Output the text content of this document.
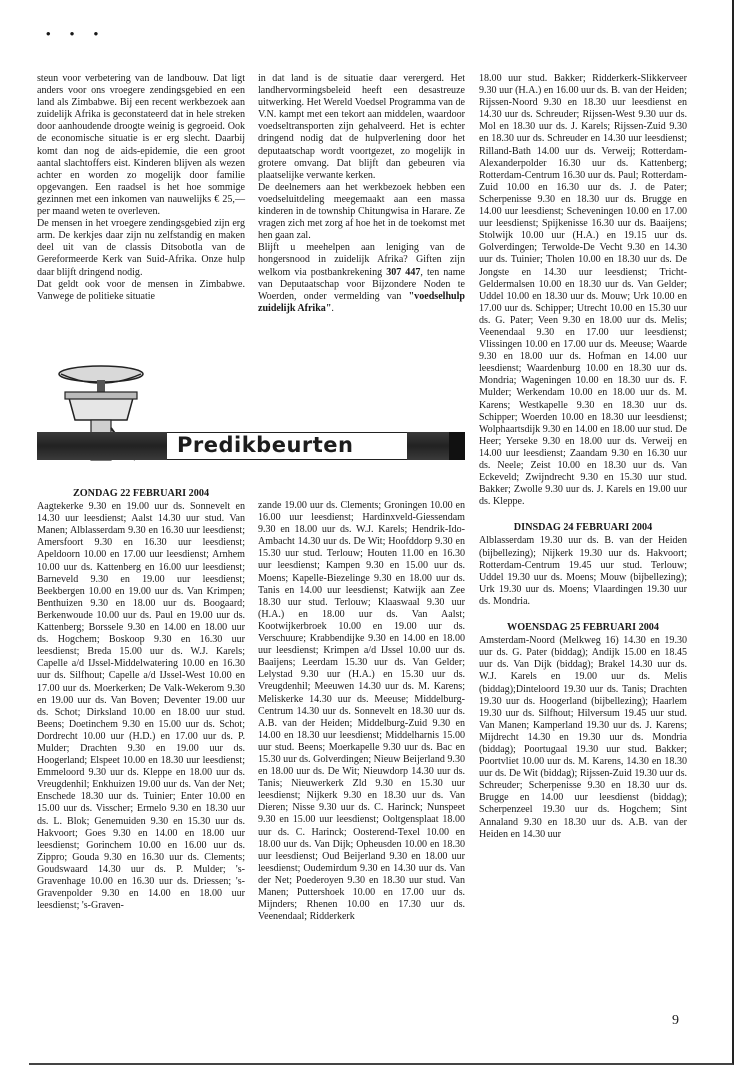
• • •

steun voor verbetering van de landbouw. Dat ligt anders voor ons vroegere zendingsgebied en een land als Zimbabwe. Bij een recent werkbezoek aan zuidelijk Afrika is geconstateerd dat in hele streken door aanhoudende droogte weinig is gegroeid. Ook de economische situatie is er erg slecht. Daarbij komt dan nog de aids-epidemie, die een groot aantal slachtoffers eist. Kinderen blijven als wezen achter en worden zo mogelijk door familie opgevangen. Een raadsel is het hoe sommige gezinnen met een inkomen van nauwelijks € 25,— per maand weten te overleven.

De mensen in het vroegere zendingsgebied zijn erg arm. De kerkjes daar zijn nu zelfstandig en maken deel uit van de classis Ditsobotla van de Gereformeerde Kerk van Suid-Afrika. Onze hulp daar blijft dringend nodig.

Dat geldt ook voor de mensen in Zimbabwe. Vanwege de politieke situatie

in dat land is de situatie daar verergerd. Het landhervormingsbeleid heeft een desastreuze uitwerking. Het Wereld Voedsel Programma van de V.N. kampt met een tekort aan middelen, waardoor voedseltransporten zijn gehalveerd. Het is echter dringend nodig dat de hulpverlening door het deputaatschap wordt voortgezet, zo mogelijk in grotere omvang. Dat blijft dan gebeuren via plaatselijke verwante kerken.

De deelnemers aan het werkbezoek hebben een voedseluitdeling meegemaakt aan een massa kinderen in de township Chitungwisa in Harare. Ze vragen zich met zorg af hoe het in de toekomst met hen gaan zal.

Blijft u meehelpen aan leniging van de hongersnood in zuidelijk Afrika? Giften zijn welkom via postbankrekening 307 447, ten name van Deputaatschap voor Bijzondere Noden te Woerden, onder vermelding van "voedselhulp zuidelijk Afrika".

Predikbeurten
ZONDAG 22 FEBRUARI 2004

Aagtekerke 9.30 en 19.00 uur ds. Sonnevelt en 14.30 uur leesdienst; Aalst 14.30 uur stud. Van Manen; Alblasserdam 9.30 en 16.30 uur leesdienst; Amersfoort 9.30 en 16.30 uur leesdienst; Apeldoorn 10.00 en 17.00 uur leesdienst; Arnhem 10.00 uur ds. Kattenberg en 16.00 uur leesdienst; Barneveld 9.30 en 19.00 uur leesdienst; Beekbergen 10.00 en 19.00 uur ds. Van Krimpen; Benthuizen 9.30 en 18.00 uur ds. Boogaard; Berkenwoude 10.00 uur ds. Paul en 19.00 uur ds. Kattenberg; Borssele 9.30 en 14.00 en 18.00 uur ds. Hogchem; Boskoop 9.30 en 16.30 uur leesdienst; Breda 15.00 uur ds. W.J. Karels; Capelle a/d IJssel-Middelwatering 10.00 en 16.30 uur ds. Silfhout; Capelle a/d IJssel-West 10.00 en 17.00 uur ds. Moerkerken; De Valk-Wekerom 9.30 en 19.00 uur ds. Van Boven; Deventer 19.00 uur ds. Schot; Dirksland 10.00 en 18.00 uur stud. Beens; Doetinchem 9.30 en 15.00 uur ds. Schot; Dordrecht 10.00 uur (H.D.) en 17.00 uur ds. P. Mulder; Drachten 9.30 en 19.00 uur ds. Hoogerland; Elspeet 10.00 en 18.30 uur leesdienst; Emmeloord 9.30 uur ds. Kleppe en 18.00 uur ds. Vreugdenhil; Enkhuizen 19.00 uur ds. Van der Net; Enschede 18.30 uur ds. Tuinier; Enter 10.00 en 15.00 uur ds. Visscher; Ermelo 9.30 en 18.30 uur ds. L. Blok; Genemuiden 9.30 en 15.30 uur ds. Hakvoort; Goes 9.30 en 14.00 en 18.00 uur leesdienst; Gorinchem 10.00 en 16.00 uur ds. Zippro; Gouda 9.30 en 16.30 uur ds. Clements; Goudswaard 14.30 uur ds. P. Mulder; 's-Gravenhage 10.00 en 16.30 uur ds. Driessen; 's-Gravenpolder 9.30 en 14.00 en 18.00 uur leesdienst; 's-Graven-

zande 19.00 uur ds. Clements; Groningen 10.00 en 16.00 uur leesdienst; Hardinxveld-Giessendam 9.30 en 18.00 uur ds. W.J. Karels; Hendrik-Ido-Ambacht 14.30 uur ds. De Wit; Hoofddorp 9.30 en 15.30 uur stud. Terlouw; Houten 11.00 en 16.30 uur leesdienst; Kampen 9.30 en 15.00 uur ds. Moens; Kapelle-Biezelinge 9.30 en 18.00 uur ds. Tanis en 14.00 uur leesdienst; Katwijk aan Zee 18.30 uur stud. Terlouw; Klaaswaal 9.30 uur (H.A.) en 18.00 uur ds. Van Aalst; Kootwijkerbroek 10.00 en 19.00 uur ds. Verschuure; Krabbendijke 9.30 en 14.00 en 18.00 uur leesdienst; Krimpen a/d IJssel 10.00 uur ds. Baaijens; Leerdam 15.30 uur ds. Van Gelder; Lelystad 9.30 uur (H.A.) en 15.30 uur ds. Vreugdenhil; Meeuwen 14.30 uur ds. M. Karens; Meliskerke 14.30 uur ds. Meeuse; Middelburg-Centrum 14.30 uur ds. Sonnevelt en 18.30 uur ds. A.B. van der Heiden; Middelburg-Zuid 9.30 en 14.00 en 18.30 uur leesdienst; Middelharnis 15.00 uur stud. Beens; Moerkapelle 9.30 uur ds. Bac en 15.30 uur ds. Golverdingen; Nieuw Beijerland 9.30 en 18.00 uur ds. De Wit; Nieuwdorp 14.30 uur ds. Tanis; Nieuwerkerk Zld 9.30 en 15.30 uur leesdienst; Nijkerk 9.30 en 18.30 uur ds. Van Dieren; Nisse 9.30 uur ds. C. Harinck; Nunspeet 9.30 en 15.00 uur leesdienst; Ooltgensplaat 18.00 uur ds. C. Harinck; Oosterend-Texel 10.00 en 18.00 uur ds. Van Dijk; Opheusden 10.00 en 18.30 uur leesdienst; Oud Beijerland 9.30 en 18.00 uur leesdienst; Oudemirdum 9.30 en 14.30 uur ds. Van der Net; Poederoyen 9.30 en 18.30 uur stud. Van Manen; Puttershoek 10.00 en 17.00 uur ds. Mijnders; Rhenen 10.00 en 17.30 uur ds. Veenendaal; Ridderkerk

18.00 uur stud. Bakker; Ridderkerk-Slikkerveer 9.30 uur (H.A.) en 16.00 uur ds. B. van der Heiden; Rijssen-Noord 9.30 en 18.30 uur leesdienst en 14.30 uur ds. Schreuder; Rijssen-West 9.30 uur ds. Mol en 18.30 uur ds. J. Karels; Rijssen-Zuid 9.30 en 18.30 uur ds. Schreuder en 14.30 uur leesdienst; Rilland-Bath 14.00 uur ds. Verweij; Rotterdam-Alexanderpolder 16.30 uur ds. Kattenberg; Rotterdam-Centrum 16.30 uur ds. Paul; Rotterdam-Zuid 10.00 en 16.30 uur ds. J. de Pater; Scherpenisse 9.30 en 18.30 uur ds. Brugge en 14.00 uur leesdienst; Scheveningen 10.00 en 17.00 uur leesdienst; Spijkenisse 16.30 uur ds. Baaijens; Stolwijk 10.00 uur (H.A.) en 19.15 uur ds. Golverdingen; Terwolde-De Vecht 9.30 en 14.30 uur ds. Tuinier; Tholen 10.00 en 18.30 uur ds. De Jongste en 14.30 uur leesdienst; Tricht-Geldermalsen 10.00 en 18.30 uur ds. Van Gelder; Uddel 10.00 en 18.30 uur ds. Mouw; Urk 10.00 en 17.00 uur ds. Schipper; Utrecht 10.00 en 15.30 uur ds. G. Pater; Veen 9.30 en 18.00 uur ds. Melis; Veenendaal 9.30 en 17.00 uur leesdienst; Vlissingen 10.00 en 17.00 uur ds. Meeuse; Waarde 9.30 en 18.00 uur ds. Hofman en 14.00 uur leesdienst; Waardenburg 10.00 en 18.30 uur ds. Mondria; Wageningen 10.00 en 18.30 uur ds. F. Mulder; Werkendam 10.00 en 18.00 uur ds. M. Karens; Westkapelle 9.30 en 18.30 uur ds. Schipper; Woerden 10.00 en 18.30 uur leesdienst; Wolphaartsdijk 9.30 en 14.00 en 18.00 uur stud. De Heer; Yerseke 9.30 en 18.00 uur ds. Verweij en 14.00 uur leesdienst; Zaandam 9.30 en 16.30 uur ds. Neele; Zeist 10.00 en 18.30 uur ds. Van Eckeveld; Zwijndrecht 9.30 en 15.30 uur stud. Bakker; Zwolle 9.30 uur ds. J. Karels en 19.00 uur ds. Kleppe.

DINSDAG 24 FEBRUARI 2004

Alblasserdam 19.30 uur ds. B. van der Heiden (bijbellezing); Nijkerk 19.30 uur ds. Hakvoort; Rotterdam-Centrum 19.45 uur stud. Terlouw; Uddel 19.30 uur ds. Moens; Mouw (bijbellezing); Urk 19.30 uur ds. Moens; Vlaardingen 19.30 uur ds. Mondria.

WOENSDAG 25 FEBRUARI 2004

Amsterdam-Noord (Melkweg 16) 14.30 en 19.30 uur ds. G. Pater (biddag); Andijk 15.00 en 18.45 uur ds. Van Dijk (biddag); Brakel 14.30 uur ds. W.J. Karels en 19.00 uur ds. Melis (biddag);Dinteloord 19.30 uur ds. Tanis; Drachten 19.30 uur ds. Hoogerland (bijbellezing); Haarlem 19.30 uur ds. Silfhout; Hilversum 19.45 uur stud. Van Manen; Kamperland 19.30 uur ds. J. Karens; Mijdrecht 14.30 en 19.30 uur ds. Mondria (biddag); Poortugaal 19.30 uur stud. Bakker; Poortvliet 10.00 uur ds. M. Karens, 14.30 en 18.30 uur ds. De Wit (biddag); Rijssen-Zuid 19.30 uur ds. Schreuder; Scherpenisse 9.30 en 18.30 uur ds. Brugge en 14.00 uur leesdienst (biddag); Scherpenzeel 19.30 uur ds. Hogchem; Sint Annaland 9.30 en 18.30 uur ds. A.B. van der Heiden en 14.30 uur

9
